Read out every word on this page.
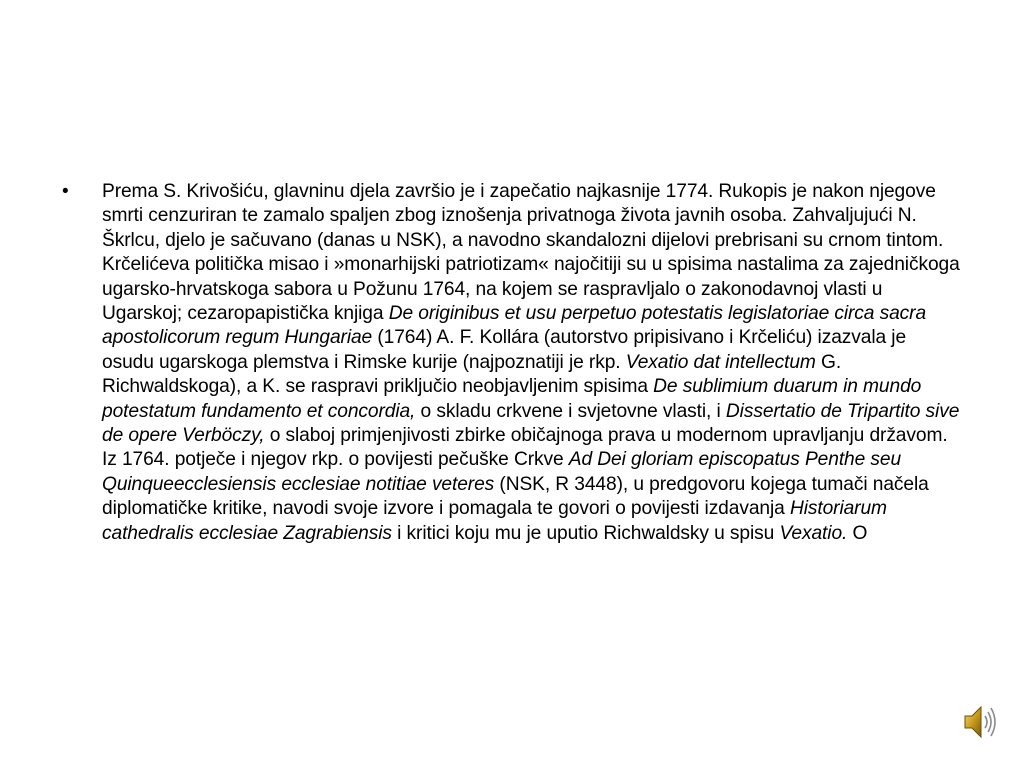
•	Prema S. Krivošiću, glavninu djela završio je i zapečatio najkasnije 1774. Rukopis je nakon njegove smrti cenzuriran te zamalo spaljen zbog iznošenja privatnoga života javnih osoba. Zahvaljujući N. Škrlcu, djelo je sačuvano (danas u NSK), a navodno skandalozni dijelovi prebrisani su crnom tintom. Krčelićeva politička misao i »monarhijski patriotizam« najočitiji su u spisima nastalima za zajedničkoga ugarsko-hrvatskoga sabora u Požunu 1764, na kojem se raspravljalo o zakonodavnoj vlasti u Ugarskoj; cezaropapistička knjiga De originibus et usu perpetuo potestatis legislatoriae circa sacra apostolicorum regum Hungariae (1764) A. F. Kollára (autorstvo pripisivano i Krčeliću) izazvala je osudu ugarskoga plemstva i Rimske kurije (najpoznatiji je rkp. Vexatio dat intellectum G. Richwaldskoga), a K. se raspravi priključio neobjavljenim spisima De sublimium duarum in mundo potestatum fundamento et concordia, o skladu crkvene i svjetovne vlasti, i Dissertatio de Tripartito sive de opere Verböczy, o slaboj primjenjivosti zbirke običajnoga prava u modernom upravljanju državom. Iz 1764. potječe i njegov rkp. o povijesti pečuške Crkve Ad Dei gloriam episcopatus Penthe seu Quinqueecclesiensis ecclesiae notitiae veteres (NSK, R 3448), u predgovoru kojega tumači načela diplomatičke kritike, navodi svoje izvore i pomagala te govori o povijesti izdavanja Historiarum cathedralis ecclesiae Zagrabiensis i kritici koju mu je uputio Richwaldsky u spisu Vexatio. O
